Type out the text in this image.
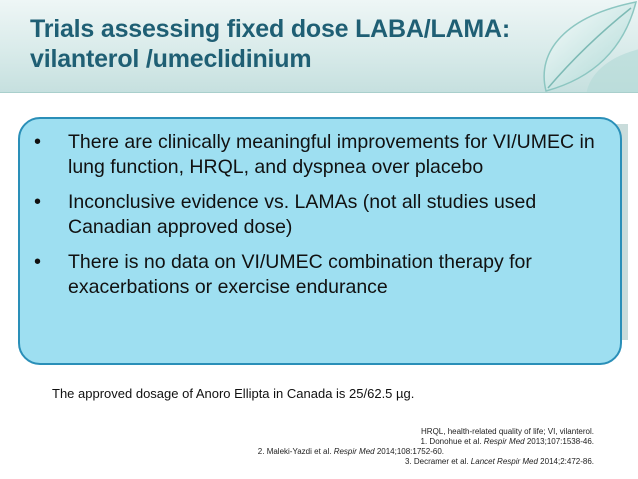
Trials assessing fixed dose LABA/LAMA:
vilanterol /umeclidinium
• There are clinically meaningful improvements for VI/UMEC in lung function, HRQL, and dyspnea over placebo
• Inconclusive evidence vs. LAMAs (not all studies used Canadian approved dose)
• There is no data on VI/UMEC combination therapy for exacerbations or exercise endurance

The approved dosage of Anoro Ellipta in Canada is 25/62.5 µg.

HRQL, health-related quality of life; VI, vilanterol.
1. Donohue et al. Respir Med 2013;107:1538-46.
2. Maleki-Yazdi et al. Respir Med 2014;108:1752-60.
3. Decramer et al. Lancet Respir Med 2014;2:472-86.
